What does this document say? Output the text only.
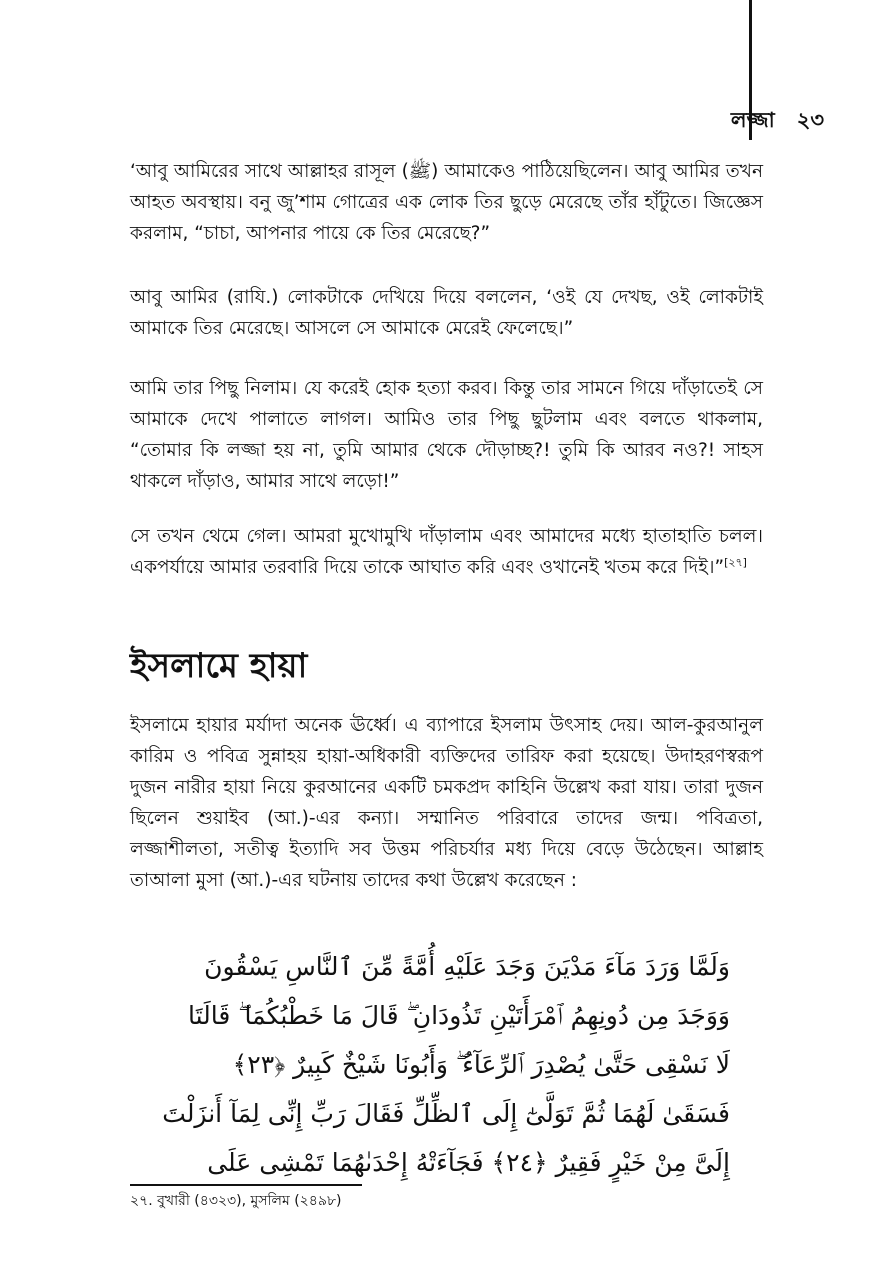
লজ্জা ২৩

‘আবু আমিরের সাথে আল্লাহর রাসূল (ﷺ) আমাকেও পাঠিয়েছিলেন। আবু আমির তখন আহত অবস্থায়। বনু জু’শাম গোত্রের এক লোক তির ছুড়ে মেরেছে তাঁর হাঁটুতে। জিজ্ঞেস করলাম, “চাচা, আপনার পায়ে কে তির মেরেছে?”

আবু আমির (রাযি.) লোকটাকে দেখিয়ে দিয়ে বললেন, ‘ওই যে দেখছ, ওই লোকটাই আমাকে তির মেরেছে। আসলে সে আমাকে মেরেই ফেলেছে।”

আমি তার পিছু নিলাম। যে করেই হোক হত্যা করব। কিন্তু তার সামনে গিয়ে দাঁড়াতেই সে আমাকে দেখে পালাতে লাগল। আমিও তার পিছু ছুটলাম এবং বলতে থাকলাম, “তোমার কি লজ্জা হয় না, তুমি আমার থেকে দৌড়াচ্ছ?! তুমি কি আরব নও?! সাহস থাকলে দাঁড়াও, আমার সাথে লড়ো!”

সে তখন থেমে গেল। আমরা মুখোমুখি দাঁড়ালাম এবং আমাদের মধ্যে হাতাহাতি চলল। একপর্যায়ে আমার তরবারি দিয়ে তাকে আঘাত করি এবং ওখানেই খতম করে দিই।”[২৭]

ইসলামে হায়া

ইসলামে হায়ার মর্যাদা অনেক ঊর্ধ্বে। এ ব্যাপারে ইসলাম উৎসাহ দেয়। আল-কুরআনুল কারিম ও পবিত্র সুন্নাহয় হায়া-অধিকারী ব্যক্তিদের তারিফ করা হয়েছে। উদাহরণস্বরূপ দুজন নারীর হায়া নিয়ে কুরআনের একটি চমকপ্রদ কাহিনি উল্লেখ করা যায়। তারা দুজন ছিলেন শুয়াইব (আ.)-এর কন্যা। সম্মানিত পরিবারে তাদের জন্ম। পবিত্রতা, লজ্জাশীলতা, সতীত্ব ইত্যাদি সব উত্তম পরিচর্যার মধ্য দিয়ে বেড়ে উঠেছেন। আল্লাহ তাআলা মুসা (আ.)-এর ঘটনায় তাদের কথা উল্লেখ করেছেন :

وَلَمَّا وَرَدَ مَآءَ مَدْيَنَ وَجَدَ عَلَيْهِ أُمَّةً مِّنَ ٱلنَّاسِ يَسْقُونَ
وَوَجَدَ مِن دُونِهِمُ ٱمْرَأَتَيْنِ تَذُودَانِ ۖ قَالَ مَا خَطْبُكُمَا ۖ قَالَتَا
لَا نَسْقِى حَتَّىٰ يُصْدِرَ ٱلرِّعَآءُ ۖ وَأَبُونَا شَيْخٌ كَبِيرٌ ﴿٢٣﴾
فَسَقَىٰ لَهُمَا ثُمَّ تَوَلَّىٰٓ إِلَى ٱلظِّلِّ فَقَالَ رَبِّ إِنِّى لِمَآ أَنزَلْتَ
إِلَىَّ مِنْ خَيْرٍ فَقِيرٌ ﴿٢٤﴾ فَجَآءَتْهُ إِحْدَىٰهُمَا تَمْشِى عَلَى
২৭. বুখারী (৪৩২৩), মুসলিম (২৪৯৮)
